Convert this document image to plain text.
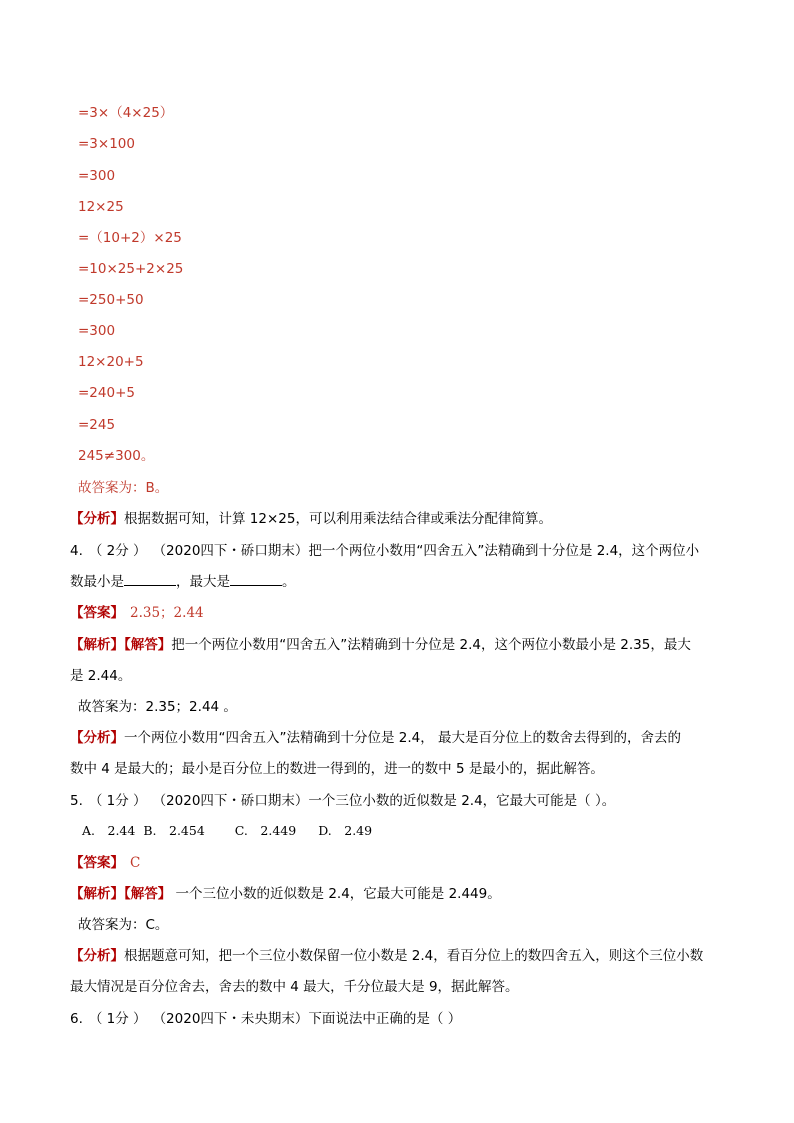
=3×（4×25）
=3×100
=300
12×25
=（10+2）×25
=10×25+2×25
=250+50
=300
12×20+5
=240+5
=245
245≠300。
故答案为：B。
【分析】根据数据可知，计算 12×25，可以利用乘法结合律或乘法分配律简算。
4. （ 2分 ） （2020四下・硚口期末）把一个两位小数用“四舍五入”法精确到十分位是 2.4，这个两位小
数最小是	，最大是	。
【答案】 2.35；2.44
【解析】【解答】把一个两位小数用“四舍五入”法精确到十分位是 2.4，这个两位小数最小是 2.35，最大
是 2.44。
故答案为：2.35；2.44 。
【分析】一个两位小数用“四舍五入”法精确到十分位是 2.4， 最大是百分位上的数舍去得到的，舍去的
数中 4 是最大的；最小是百分位上的数进一得到的，进一的数中 5 是最小的，据此解答。
5. （ 1分 ） （2020四下・硚口期末）一个三位小数的近似数是 2.4，它最大可能是（ ）。
A.　2.44 B.　2.454 C.　2.449 D.　2.49
【答案】 C
【解析】【解答】 一个三位小数的近似数是 2.4，它最大可能是 2.449。
故答案为：C。
【分析】根据题意可知，把一个三位小数保留一位小数是 2.4，看百分位上的数四舍五入，则这个三位小数
最大情况是百分位舍去，舍去的数中 4 最大，千分位最大是 9，据此解答。
6. （ 1分 ） （2020四下・未央期末）下面说法中正确的是（ ）
